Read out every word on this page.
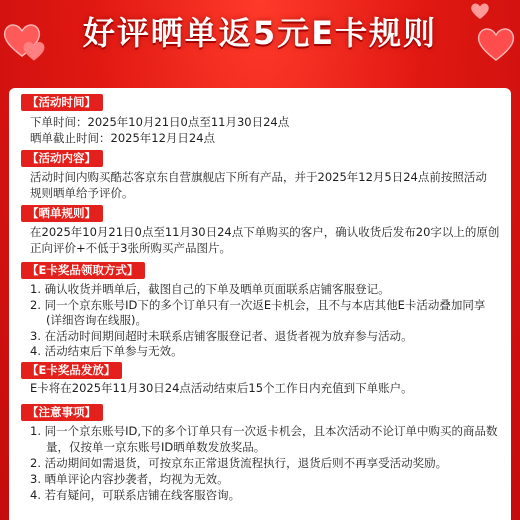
好评晒单返5元E卡规则
【活动时间】
下单时间：2025年10月21日0点至11月30日24点
晒单截止时间：2025年12月日24点
【活动内容】
活动时间内购买酷芯客京东自营旗舰店下所有产品，并于2025年12月5日24点前按照活动
规则晒单给予评价。
【晒单规则】
在2025年10月21日0点至11月30日24点下单购买的客户，确认收货后发布20字以上的原创
正向评价+不低于3张所购买产品图片。
【E卡奖品领取方式】
1. 确认收货并晒单后，截图自己的下单及晒单页面联系店铺客服登记。
2. 同一个京东账号ID下的多个订单只有一次返E卡机会，且不与本店其他E卡活动叠加同享
(详细咨询在线服)。
3. 在活动时间期间超时未联系店铺客服登记者、退货者视为放弃参与活动。
4. 活动结束后下单参与无效。
【E卡奖品发放】
E卡将在2025年11月30日24点活动结束后15个工作日内充值到下单账户。
【注意事项】
1. 同一个京东账号ID,下的多个订单只有一次返卡机会，且本次活动不论订单中购买的商品数
量，仅按单一京东账号ID晒单数发放奖品。
2. 活动期间如需退货，可按京东正常退货流程执行，退货后则不再享受活动奖励。
3. 晒单评论内容抄袭者，均视为无效。
4. 若有疑问，可联系店铺在线客服咨询。
